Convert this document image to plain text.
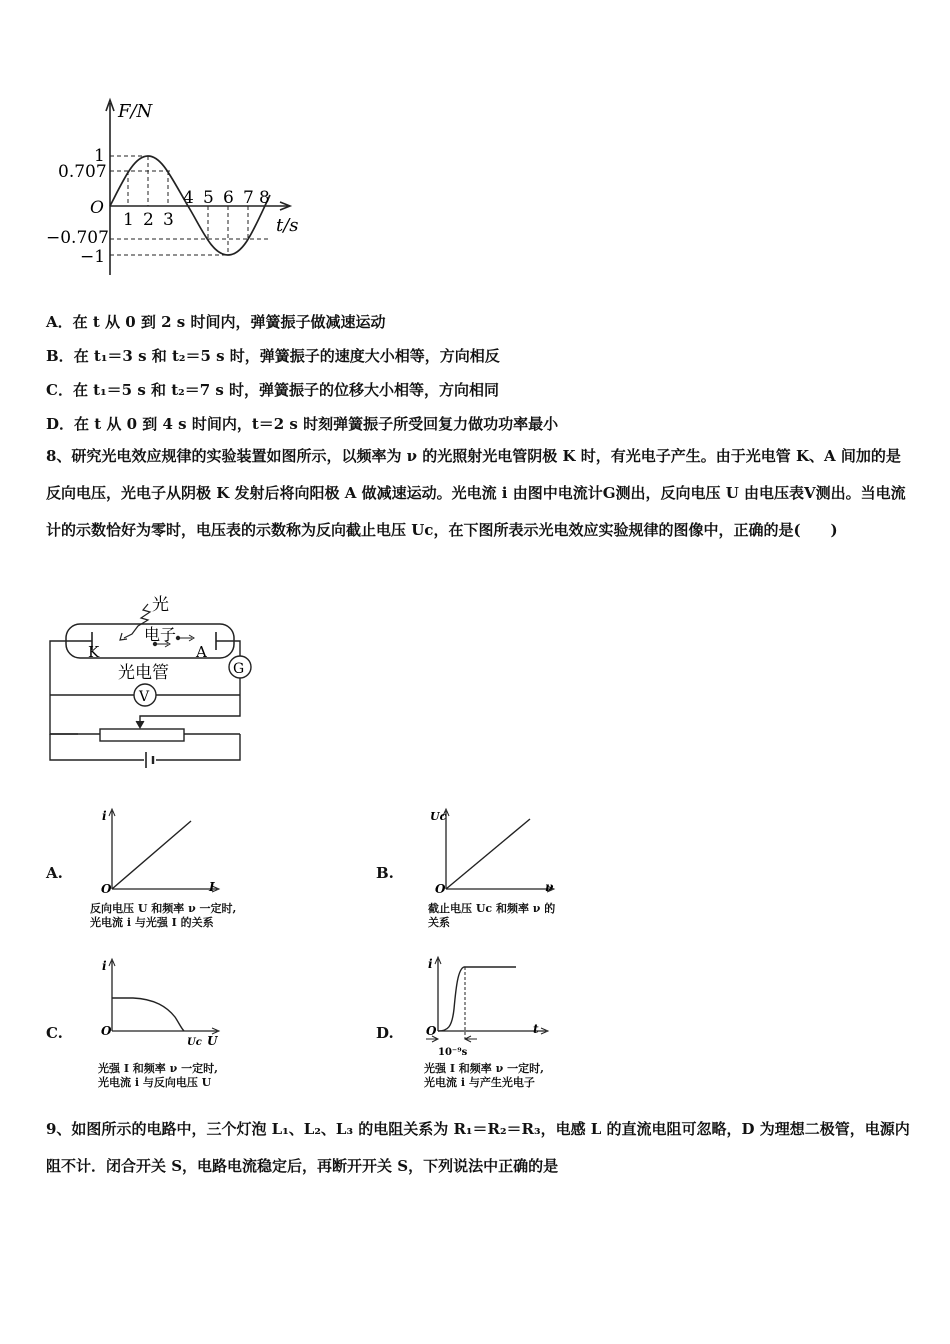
F/N
1
0.707
O
−0.707
−1
1 2 3
4 5 6 7 8
t/s
A．在 t 从 0 到 2 s 时间内，弹簧振子做减速运动
B．在 t₁＝3 s 和 t₂＝5 s 时，弹簧振子的速度大小相等，方向相反
C．在 t₁＝5 s 和 t₂＝7 s 时，弹簧振子的位移大小相等，方向相同
D．在 t 从 0 到 4 s 时间内，t＝2 s 时刻弹簧振子所受回复力做功功率最小
8、研究光电效应规律的实验装置如图所示，以频率为 ν 的光照射光电管阴极 K 时，有光电子产生。由于光电管 K、A 间加的是反向电压，光电子从阴极 K 发射后将向阳极 A 做减速运动。光电流 i 由图中电流计G测出，反向电压 U 由电压表V测出。当电流计的示数恰好为零时，电压表的示数称为反向截止电压 Uc，在下图所表示光电效应实验规律的图像中，正确的是(　　)
光
电子
K	A
光电管	G
V
A.
i
O	I
反向电压 U 和频率 ν 一定时,
光电流 i 与光强 I 的关系
B.
Uc
O	ν
截止电压 Uc 和频率 ν 的
关系
C.
i
O
Uc U
光强 I 和频率 ν 一定时,
光电流 i 与反向电压 U
D.
i
O	t
10⁻⁹s
光强 I 和频率 ν 一定时,
光电流 i 与产生光电子
9、如图所示的电路中，三个灯泡 L₁、L₂、L₃ 的电阻关系为 R₁＝R₂＝R₃，电感 L 的直流电阻可忽略，D 为理想二极管，电源内阻不计．闭合开关 S，电路电流稳定后，再断开开关 S，下列说法中正确的是
